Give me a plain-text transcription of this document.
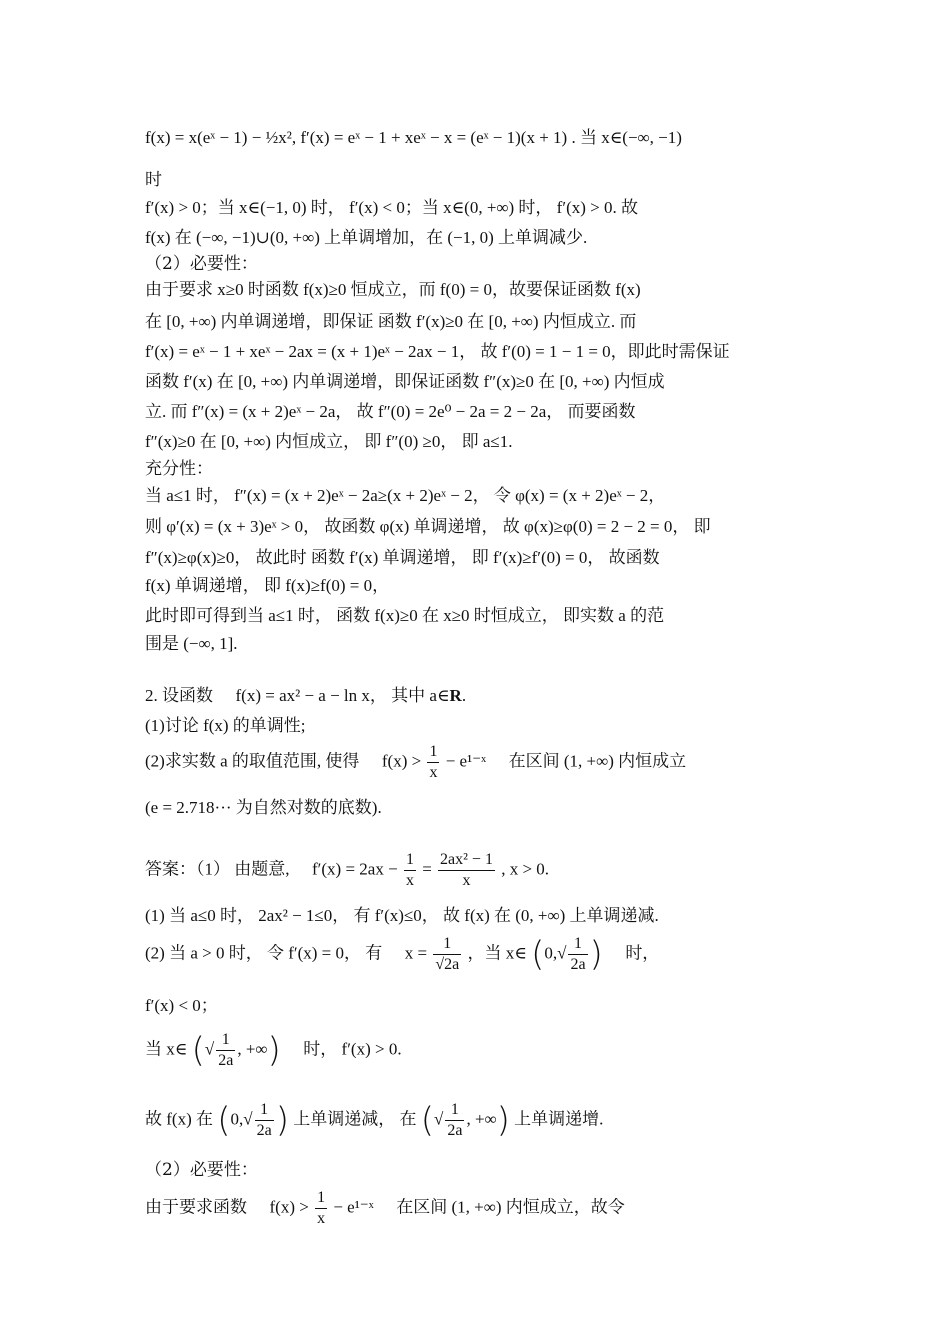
f(x) = x(eˣ − 1) − ½x², f′(x) = eˣ − 1 + xeˣ − x = (eˣ − 1)(x + 1) . 当 x∈(−∞, −1)
时
f′(x) > 0；当 x∈(−1, 0) 时， f′(x) < 0；当 x∈(0, +∞) 时， f′(x) > 0. 故
f(x) 在 (−∞, −1)∪(0, +∞) 上单调增加，在 (−1, 0) 上单调减少.
（2）必要性：
由于要求 x≥0 时函数 f(x)≥0 恒成立，而 f(0) = 0，故要保证函数 f(x)
在 [0, +∞) 内单调递增，即保证 函数 f′(x)≥0 在 [0, +∞) 内恒成立. 而
f′(x) = eˣ − 1 + xeˣ − 2ax = (x + 1)eˣ − 2ax − 1， 故 f′(0) = 1 − 1 = 0，即此时需保证
函数 f′(x) 在 [0, +∞) 内单调递增，即保证函数 f″(x)≥0 在 [0, +∞) 内恒成
立. 而 f″(x) = (x + 2)eˣ − 2a， 故 f″(0) = 2e⁰ − 2a = 2 − 2a， 而要函数
f″(x)≥0 在 [0, +∞) 内恒成立， 即 f″(0) ≥0， 即 a≤1.
充分性：
当 a≤1 时， f″(x) = (x + 2)eˣ − 2a≥(x + 2)eˣ − 2， 令 φ(x) = (x + 2)eˣ − 2，
则 φ′(x) = (x + 3)eˣ > 0， 故函数 φ(x) 单调递增， 故 φ(x)≥φ(0) = 2 − 2 = 0， 即
f″(x)≥φ(x)≥0， 故此时 函数 f′(x) 单调递增， 即 f′(x)≥f′(0) = 0， 故函数
f(x) 单调递增， 即 f(x)≥f(0) = 0，
此时即可得到当 a≤1 时， 函数 f(x)≥0 在 x≥0 时恒成立， 即实数 a 的范
围是 (−∞, 1].
2. 设函数 f(x) = ax² − a − ln x， 其中 a∈R.
(1)讨论 f(x) 的单调性;
(2)求实数 a 的取值范围, 使得 $f(x) > \frac{1}{x}$ − e¹⁻ˣ 在区间 (1, +∞) 内恒成立
(e = 2.718··· 为自然对数的底数).
答案：（1） 由题意, $f'(x) = 2ax - \frac{1}{x} = \frac{\text{2ax² − 1}}{x}$ , x > 0.
(1) 当 a≤0 时， 2ax² − 1≤0， 有 f′(x)≤0， 故 f(x) 在 (0, +∞) 上单调递减.
(2) 当 a > 0 时， 令 f′(x) = 0， 有 $x = \frac{1}{√2a}$ ，当 x∈ ($0,√ \frac{1}{2a}$ ) 时，
f′(x) < 0；
当 x∈ (√ $\frac{1}{2a}$ , +∞) 时， f′(x) > 0.
故 f(x) 在 ($0,√ \frac{1}{2a}$ ) 上单调递减， 在 (√ $\frac{1}{2a}$ , +∞) 上单调递增.
（2）必要性：
由于要求函数 $f(x) > \frac{1}{x}$ − e¹⁻ˣ 在区间 (1, +∞) 内恒成立，故令
